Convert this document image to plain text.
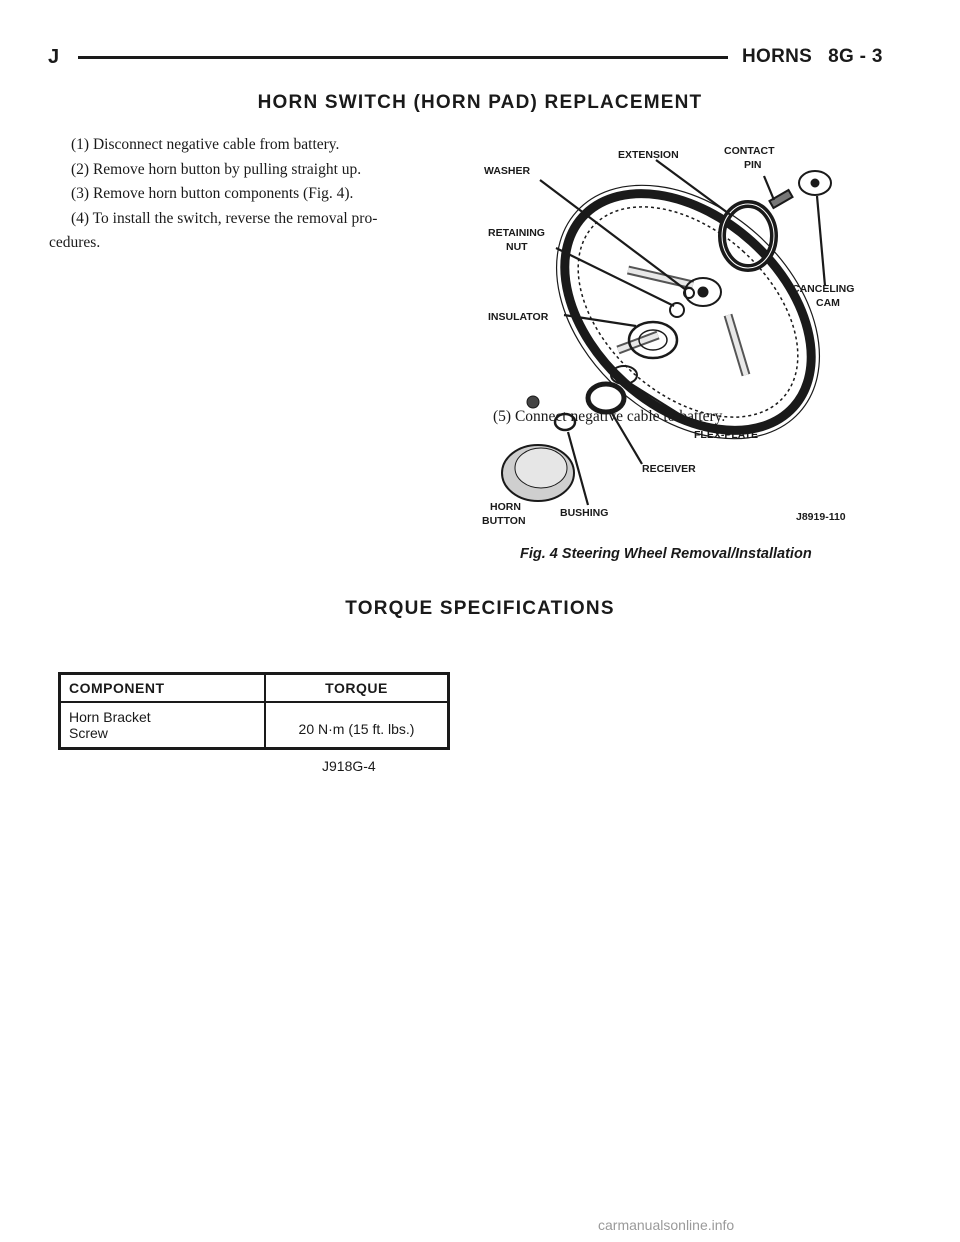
J	HORNS 8G - 3
HORN SWITCH (HORN PAD) REPLACEMENT

(1) Disconnect negative cable from battery.

(2) Remove horn button by pulling straight up.

(3) Remove horn button components (Fig. 4).

(4) To install the switch, reverse the removal pro-

cedures.

WASHER
EXTENSION	CONTACT
PIN
RETAINING
NUT
INSULATOR
CANCELING
CAM
FLEX-PLATE
RECEIVER
HORN
BUTTON
BUSHING	J8919-110
(5) Connect negative cable to battery.
Fig. 4 Steering Wheel Removal/Installation
TORQUE SPECIFICATIONS
COMPONENT	TORQUE
Horn Bracket
Screw	20 N·m (15 ft. lbs.)
J918G-4
carmanualsonline.info
